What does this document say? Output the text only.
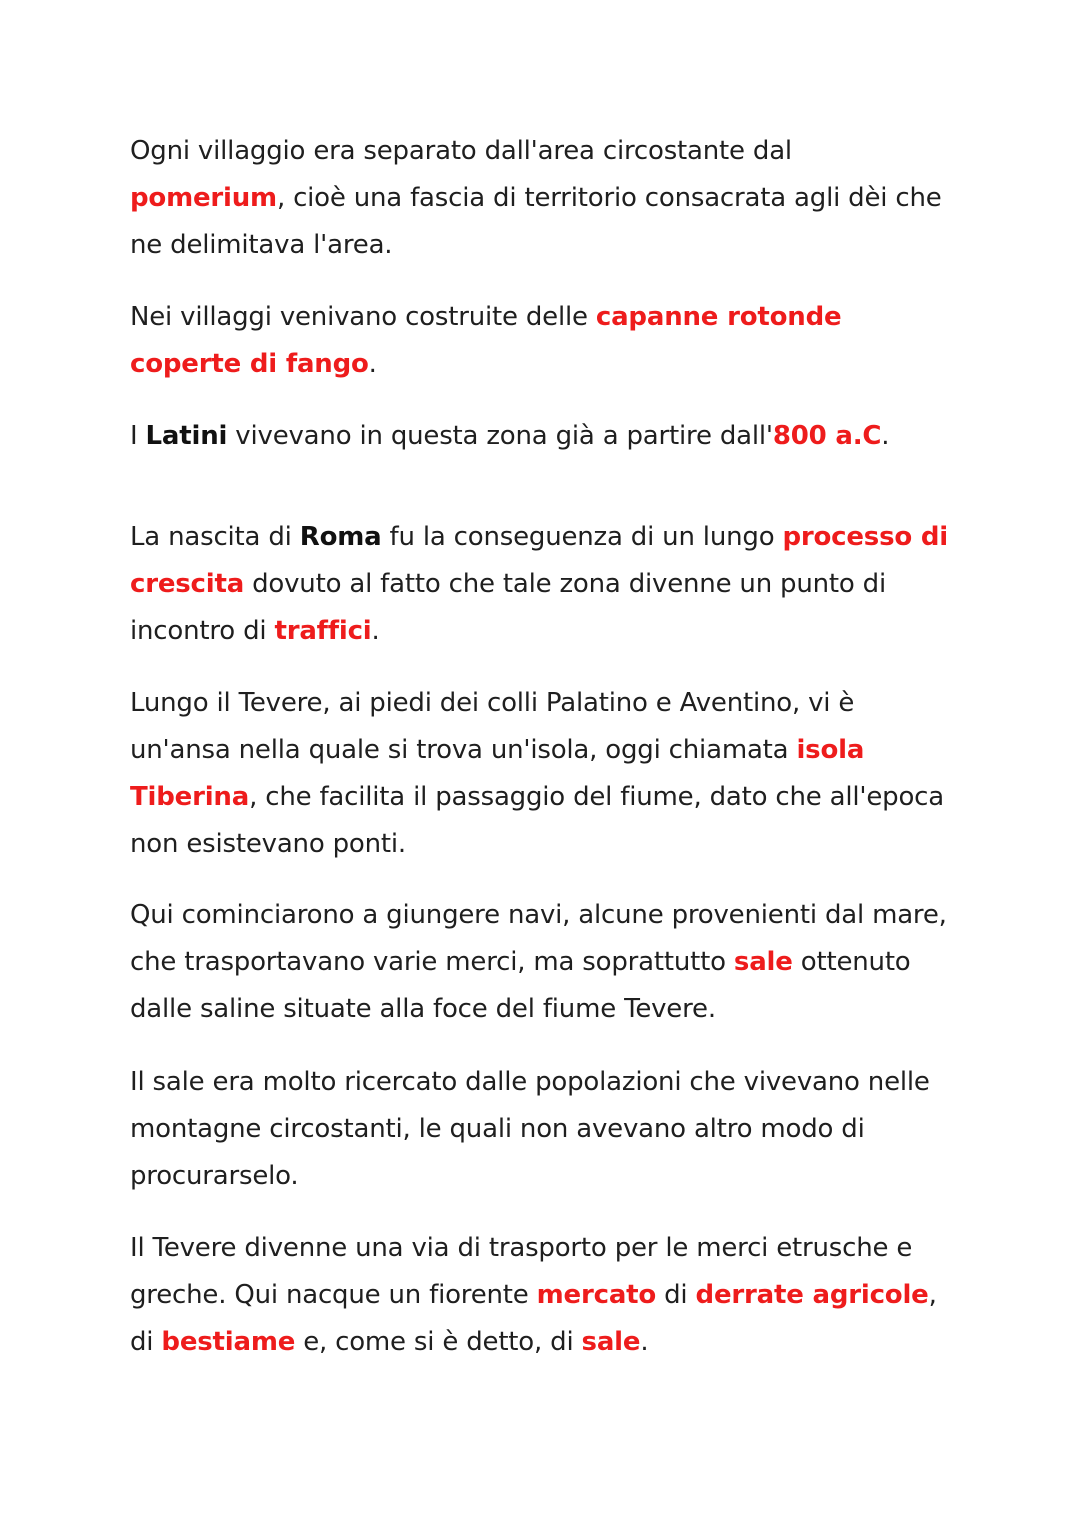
Ogni villaggio era separato dall'area circostante dal pomerium, cioè una fascia di territorio consacrata agli dèi che ne delimitava l'area.

Nei villaggi venivano costruite delle capanne rotonde coperte di fango.

I Latini vivevano in questa zona già a partire dall'800 a.C.

La nascita di Roma fu la conseguenza di un lungo processo di crescita dovuto al fatto che tale zona divenne un punto di incontro di traffici.

Lungo il Tevere, ai piedi dei colli Palatino e Aventino, vi è un'ansa nella quale si trova un'isola, oggi chiamata isola Tiberina, che facilita il passaggio del fiume, dato che all'epoca non esistevano ponti.

Qui cominciarono a giungere navi, alcune provenienti dal mare, che trasportavano varie merci, ma soprattutto sale ottenuto dalle saline situate alla foce del fiume Tevere.

Il sale era molto ricercato dalle popolazioni che vivevano nelle montagne circostanti, le quali non avevano altro modo di procurarselo.

Il Tevere divenne una via di trasporto per le merci etrusche e greche. Qui nacque un fiorente mercato di derrate agricole, di bestiame e, come si è detto, di sale.
